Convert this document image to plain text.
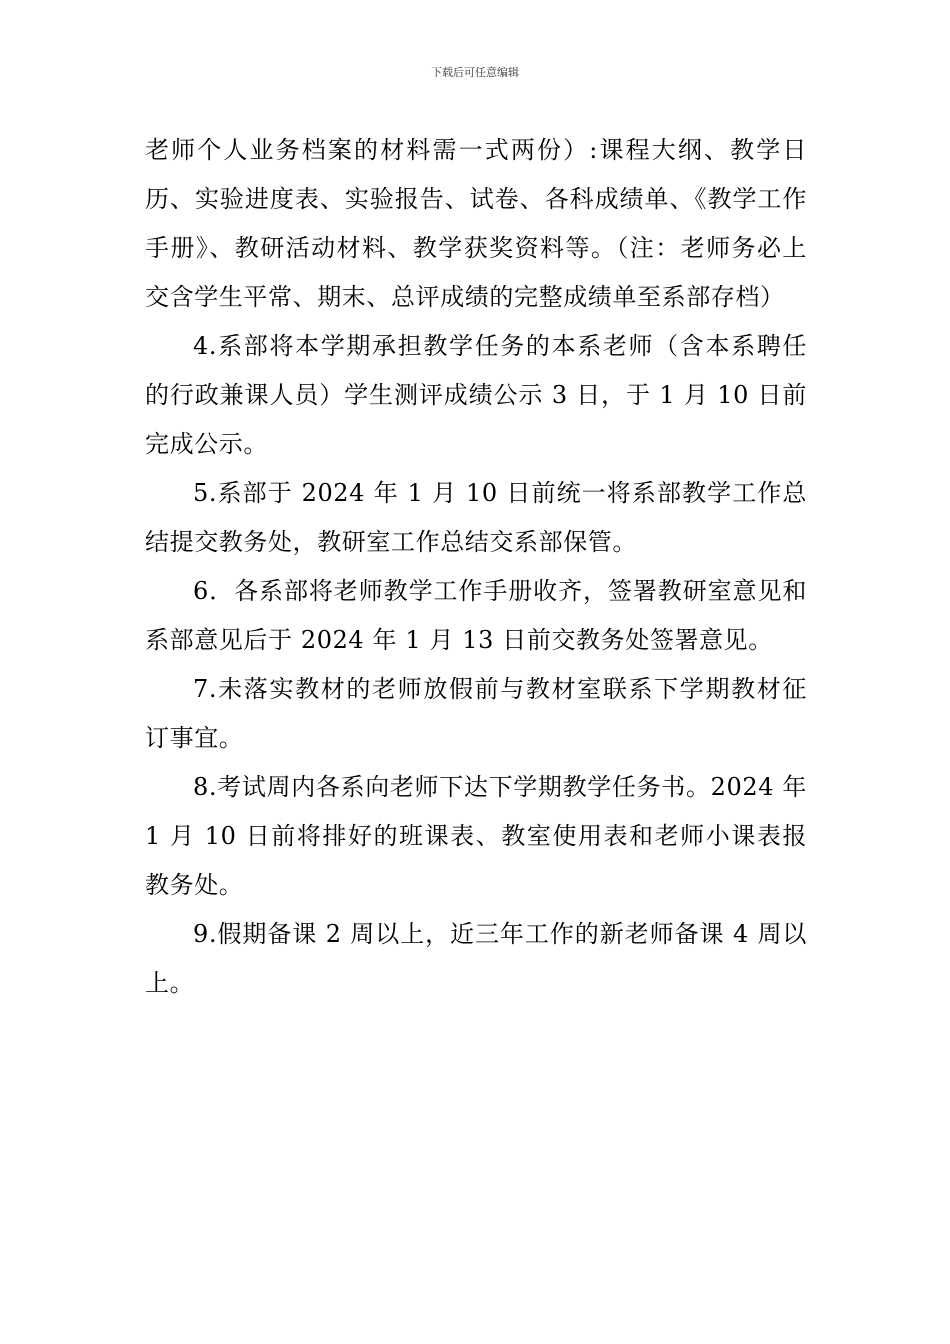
下载后可任意编辑

老师个人业务档案的材料需一式两份）:课程大纲、教学日历、实验进度表、实验报告、试卷、各科成绩单、《教学工作手册》、教研活动材料、教学获奖资料等。（注：老师务必上交含学生平常、期末、总评成绩的完整成绩单至系部存档）

4.系部将本学期承担教学任务的本系老师（含本系聘任的行政兼课人员）学生测评成绩公示 3 日，于 1 月 10 日前完成公示。

5.系部于 2024 年 1 月 10 日前统一将系部教学工作总结提交教务处，教研室工作总结交系部保管。

6．各系部将老师教学工作手册收齐，签署教研室意见和系部意见后于 2024 年 1 月 13 日前交教务处签署意见。

7.未落实教材的老师放假前与教材室联系下学期教材征订事宜。

8.考试周内各系向老师下达下学期教学任务书。2024 年 1 月 10 日前将排好的班课表、教室使用表和老师小课表报教务处。

9.假期备课 2 周以上，近三年工作的新老师备课 4 周以上。
